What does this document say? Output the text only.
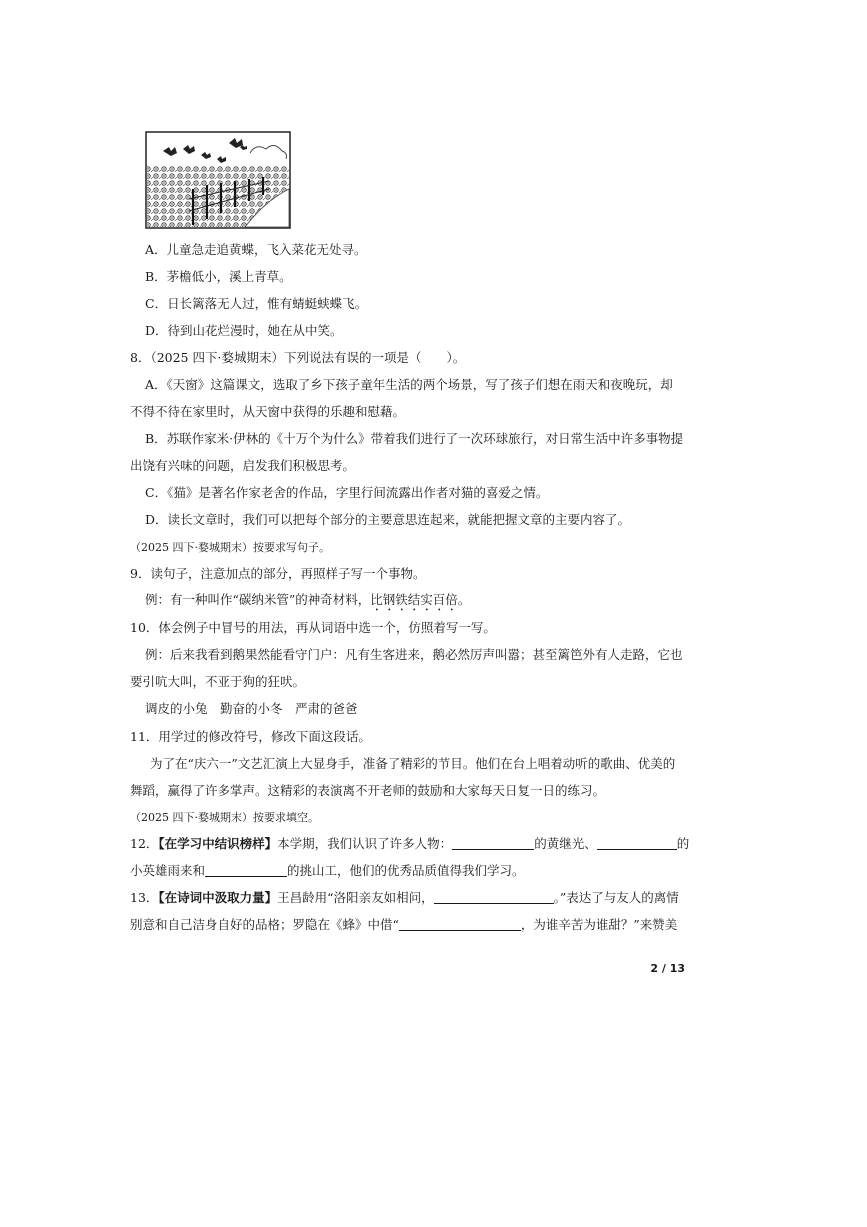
A．儿童急走追黄蝶，飞入菜花无处寻。
B．茅檐低小，溪上青草。
C．日长篱落无人过，惟有蜻蜓蛱蝶飞。
D．待到山花烂漫时，她在从中笑。
8．（2025 四下·婺城期末）下列说法有误的一项是（　　）。
A．《天窗》这篇课文，选取了乡下孩子童年生活的两个场景，写了孩子们想在雨天和夜晚玩，却
不得不待在家里时，从天窗中获得的乐趣和慰藉。
B．苏联作家米·伊林的《十万个为什么》带着我们进行了一次环球旅行，对日常生活中许多事物提
出饶有兴味的问题，启发我们积极思考。
C．《猫》是著名作家老舍的作品，字里行间流露出作者对猫的喜爱之情。
D．读长文章时，我们可以把每个部分的主要意思连起来，就能把握文章的主要内容了。
（2025 四下·婺城期末）按要求写句子。
9．读句子，注意加点的部分，再照样子写一个事物。
例：有一种叫作“碳纳米管”的神奇材料，比钢铁结实百倍。
10．体会例子中冒号的用法，再从词语中选一个，仿照着写一写。
例：后来我看到鹅果然能看守门户：凡有生客进来，鹅必然厉声叫嚣；甚至篱笆外有人走路，它也
要引吭大叫，不亚于狗的狂吠。
调皮的小兔　勤奋的小冬　严肃的爸爸
11．用学过的修改符号，修改下面这段话。
为了在“庆六一”文艺汇演上大显身手，准备了精彩的节目。他们在台上唱着动听的歌曲、优美的
舞蹈，赢得了许多掌声。这精彩的表演离不开老师的鼓励和大家每天日复一日的练习。
（2025 四下·婺城期末）按要求填空。
12．【在学习中结识榜样】本学期，我们认识了许多人物：	的黄继光、	的
小英雄雨来和	的挑山工，他们的优秀品质值得我们学习。
13．【在诗词中汲取力量】王昌龄用“洛阳亲友如相问，	。”表达了与友人的离情
别意和自己洁身自好的品格；罗隐在《蜂》中借“	，为谁辛苦为谁甜？”来赞美
2 / 13
